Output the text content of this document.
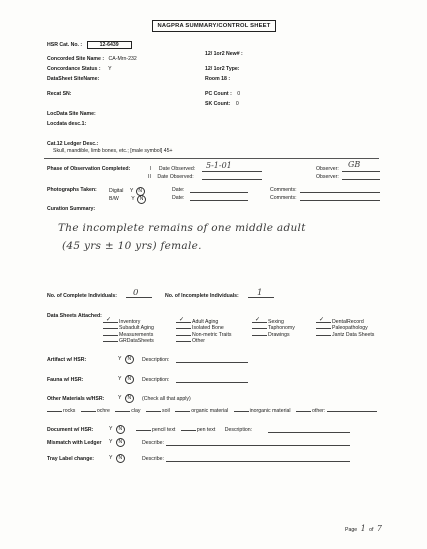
NAGPRA SUMMARY/CONTROL SHEET
HSR Cat. No. :	12-6439
Concorded Site Name : CA-Mrn-232
Concordance Status : Y
DataSheet SiteName:
Recat SN:
LocData Site Name:
Locdata desc.1:
12/ 1or2 New# :
12/ 1or2 Type:
Room 18 :
PC Count : 0
SK Count: 0
Cat.12 Ledger Desc.:
Skull, mandible, limb bones, etc.; [male symbol] 45+
Phase of Observation Completed:	I Date Observed: 5-1-01
II Date Observed:
Observer: GB
Observer:
Photographs Taken: Digital Y N
B/W Y N
Date:
Date:
Comments:
Comments:
Curation Summary:
The incomplete remains of one middle adult
(45 yrs ± 10 yrs) female.
No. of Complete Individuals: 0	No. of Incomplete Individuals: 1
Data Sheets Attached:
✓ Inventory
Subadult Aging
Measurements
GRDataSheets
✓ Adult Aging
Isolated Bone
Non-metric Traits
Other
✓ Sexing
Taphonomy
Drawings
✓ DentalRecord
Paleopathology
Jantz Data Sheets
Artifact w/ HSR:	Y N	Description:
Fauna w/ HSR:	Y N	Description:
Other Materials w/HSR:	Y N	(Check all that apply)
rocks	ochre	clay	soil	organic material	inorganic material	other:
Document w/ HSR:	Y N	pencil text	pen text Description:
Mismatch with Ledger Y N	Describe:
Tray Label change:	Y N	Describe:
Page 1 of 7
